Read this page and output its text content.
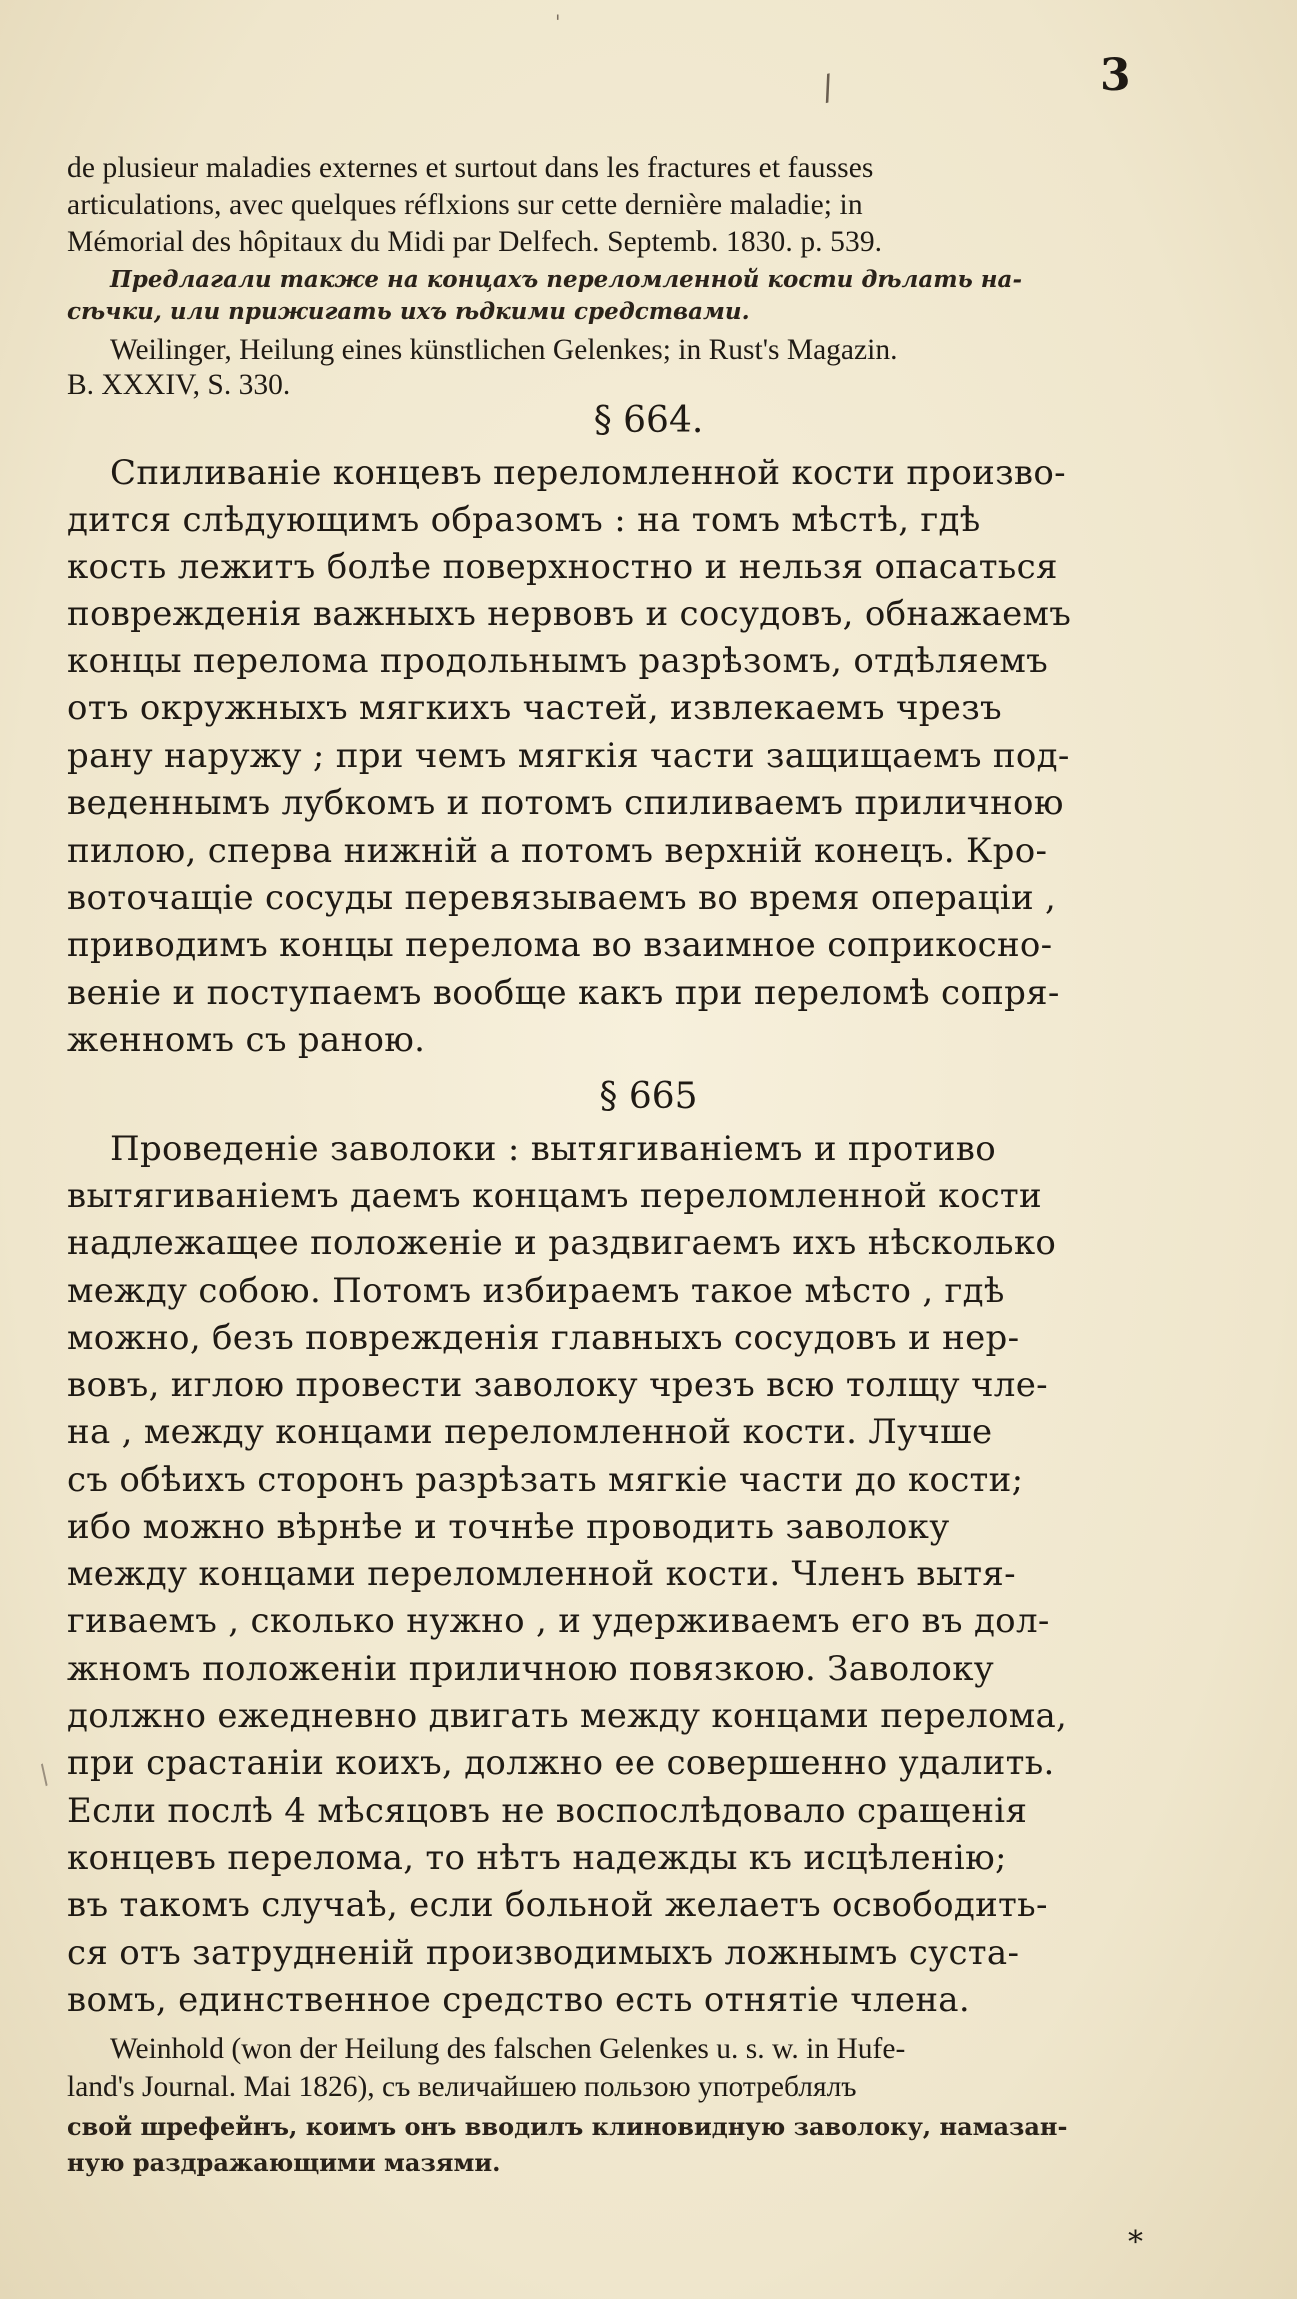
'
/	3
de plusieur maladies externes et surtout dans les fractures et fausses
articulations, avec quelques réflxions sur cette dernière maladie; in
Mémorial des hôpitaux du Midi par Delfech. Septemb. 1830. p. 539.
Предлагали также на концахъ переломленной кости дѣлать на-
сѣчки, или прижигать ихъ ѣдкими средствами.
Weilinger, Heilung eines künstlichen Gelenkes; in Rust's Magazin.
B. XXXIV, S. 330.
§ 664.
Спиливаніе концевъ переломленной кости произво-
дится слѣдующимъ образомъ : на томъ мѣстѣ, гдѣ
кость лежитъ болѣе поверхностно и нельзя опасаться
поврежденія важныхъ нервовъ и сосудовъ, обнажаемъ
концы перелома продольнымъ разрѣзомъ, отдѣляемъ
отъ окружныхъ мягкихъ частей, извлекаемъ чрезъ
рану наружу ; при чемъ мягкія части защищаемъ под-
веденнымъ лубкомъ и потомъ спиливаемъ приличною
пилою, сперва нижній а потомъ верхній конецъ. Кро-
воточащіе сосуды перевязываемъ во время операціи ,
приводимъ концы перелома во взаимное соприкосно-
веніе и поступаемъ вообще какъ при переломѣ сопря-
женномъ съ раною.
§ 665
Проведеніе заволоки : вытягиваніемъ и противо
вытягиваніемъ даемъ концамъ переломленной кости
надлежащее положеніе и раздвигаемъ ихъ нѣсколько
между собою. Потомъ избираемъ такое мѣсто , гдѣ
можно, безъ поврежденія главныхъ сосудовъ и нер-
вовъ, иглою провести заволоку чрезъ всю толщу чле-
на , между концами переломленной кости. Лучше
съ обѣихъ сторонъ разрѣзать мягкіе части до кости;
ибо можно вѣрнѣе и точнѣе проводить заволоку
между концами переломленной кости. Членъ вытя-
гиваемъ , сколько нужно , и удерживаемъ его въ дол-
жномъ положеніи приличною повязкою. Заволоку
должно ежедневно двигать между концами перелома,
при срастаніи коихъ, должно ее совершенно удалить.
Если послѣ 4 мѣсяцовъ не воспослѣдовало сращенія
концевъ перелома, то нѣтъ надежды къ исцѣленію;
въ такомъ случаѣ, если больной желаетъ освободить-
ся отъ затрудненій производимыхъ ложнымъ суста-
вомъ, единственное средство есть отнятіе члена.
Weinhold (won der Heilung des falschen Gelenkes u. s. w. in Hufe-
land's Journal. Mai 1826), съ величайшею пользою употреблялъ
свой шрефейнъ, коимъ онъ вводилъ клиновидную заволоку, намазан-
ную раздражающими мазями.
/
*
